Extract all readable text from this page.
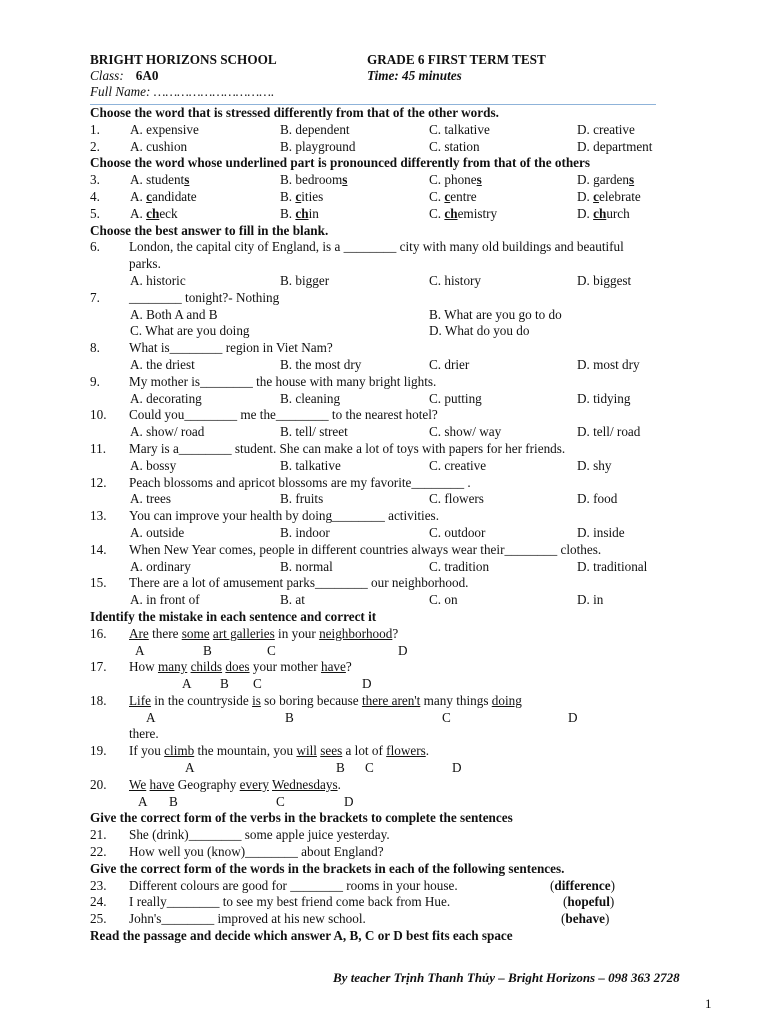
BRIGHT HORIZONS SCHOOL	GRADE 6 FIRST TERM TEST
Class: 6A0	Time: 45 minutes
Full Name: ………………………….
Choose the word that is stressed differently from that of the other words.
1. A. expensive	B. dependent	C. talkative	D. creative
2. A. cushion	B. playground	C. station	D. department
Choose the word whose underlined part is pronounced differently from that of the others
3. A. students	B. bedrooms	C. phones	D. gardens
4. A. candidate	B. cities	C. centre	D. celebrate
5. A. check	B. chin	C. chemistry	D. church
Choose the best answer to fill in the blank.
6. London, the capital city of England, is a ________ city with many old buildings and beautiful
parks.
A. historic	B. bigger	C. history	D. biggest
7. ________ tonight?- Nothing
A. Both A and B	B. What are you go to do
C. What are you doing	D. What do you do
8. What is________ region in Viet Nam?
A. the driest	B. the most dry	C. drier	D. most dry
9. My mother is________ the house with many bright lights.
A. decorating	B. cleaning	C. putting	D. tidying
10. Could you________ me the________ to the nearest hotel?
A. show/ road	B. tell/ street	C. show/ way	D. tell/ road
11. Mary is a________ student. She can make a lot of toys with papers for her friends.
A. bossy	B. talkative	C. creative	D. shy
12. Peach blossoms and apricot blossoms are my favorite________ .
A. trees	B. fruits	C. flowers	D. food
13. You can improve your health by doing________ activities.
A. outside	B. indoor	C. outdoor	D. inside
14. When New Year comes, people in different countries always wear their________ clothes.
A. ordinary	B. normal	C. tradition	D. traditional
15. There are a lot of amusement parks________ our neighborhood.
A. in front of	B. at	C. on	D. in
Identify the mistake in each sentence and correct it
16. Are there some art galleries in your neighborhood?
A	B	C	D
17. How many childs does your mother have?
A B C	D
18. Life in the countryside is so boring because there aren't many things doing
A	B	C	D
there.
19. If you climb the mountain, you will sees a lot of flowers.
A	B C	D
20. We have Geography every Wednesdays.
A B	C	D
Give the correct form of the verbs in the brackets to complete the sentences
21. She (drink)________ some apple juice yesterday.
22. How well you (know)________ about England?
Give the correct form of the words in the brackets in each of the following sentences.
23. Different colours are good for ________ rooms in your house.	(difference)
24. I really________ to see my best friend come back from Hue.	(hopeful)
25. John's________ improved at his new school.	(behave)
Read the passage and decide which answer A, B, C or D best fits each space
By teacher Trịnh Thanh Thủy – Bright Horizons – 098 363 2728
1
